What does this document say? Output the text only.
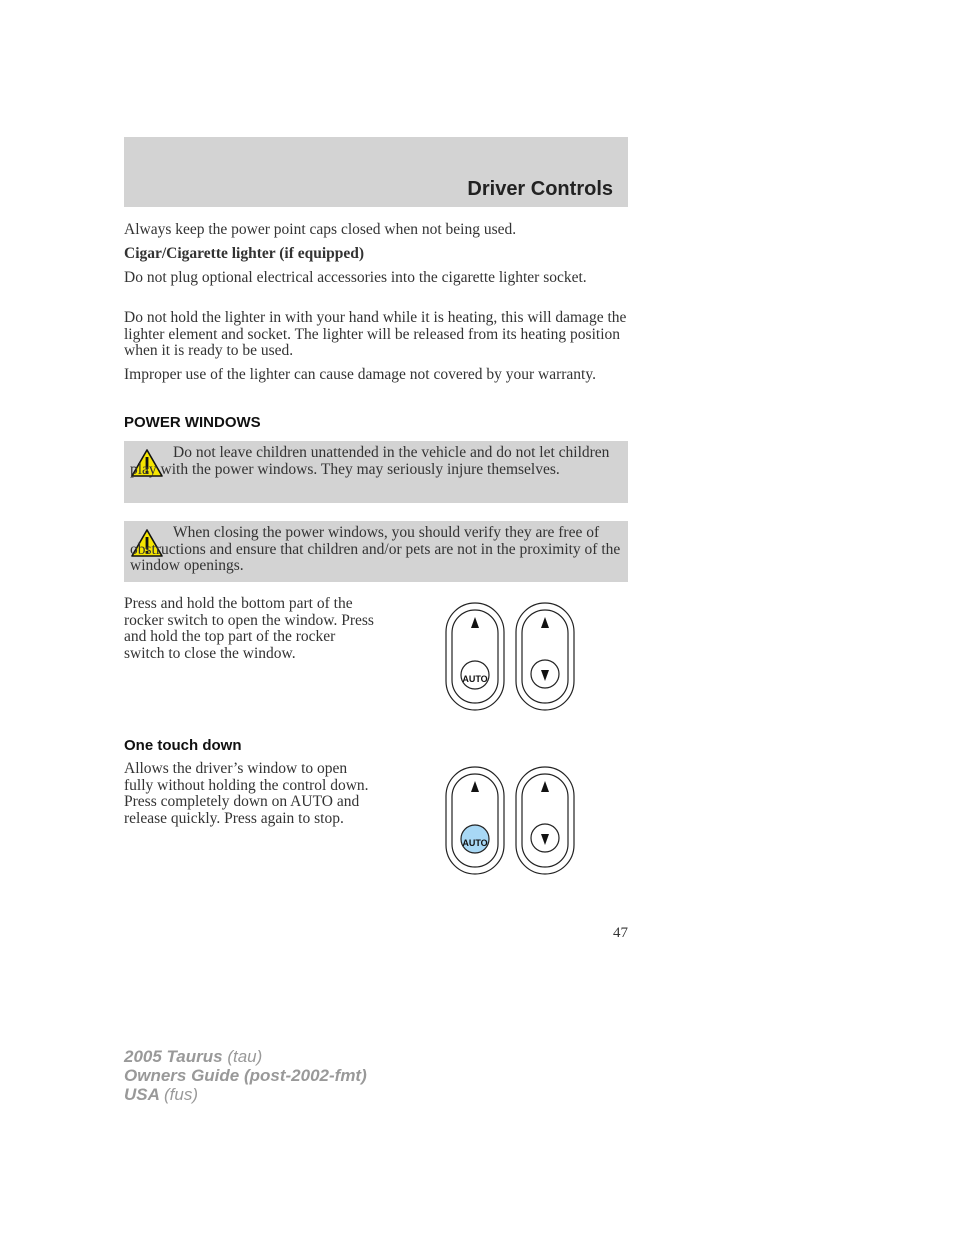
Driver Controls
Always keep the power point caps closed when not being used.
Cigar/Cigarette lighter (if equipped)
Do not plug optional electrical accessories into the cigarette lighter socket.
Do not hold the lighter in with your hand while it is heating, this will damage the lighter element and socket. The lighter will be released from its heating position when it is ready to be used.
Improper use of the lighter can cause damage not covered by your warranty.
POWER WINDOWS
Do not leave children unattended in the vehicle and do not let children play with the power windows. They may seriously injure themselves.
When closing the power windows, you should verify they are free of obstructions and ensure that children and/or pets are not in the proximity of the window openings.
Press and hold the bottom part of the rocker switch to open the window. Press and hold the top part of the rocker switch to close the window.
AUTO
One touch down
Allows the driver’s window to open fully without holding the control down. Press completely down on AUTO and release quickly. Press again to stop.
AUTO
47
2005 Taurus (tau)
Owners Guide (post-2002-fmt)
USA (fus)
